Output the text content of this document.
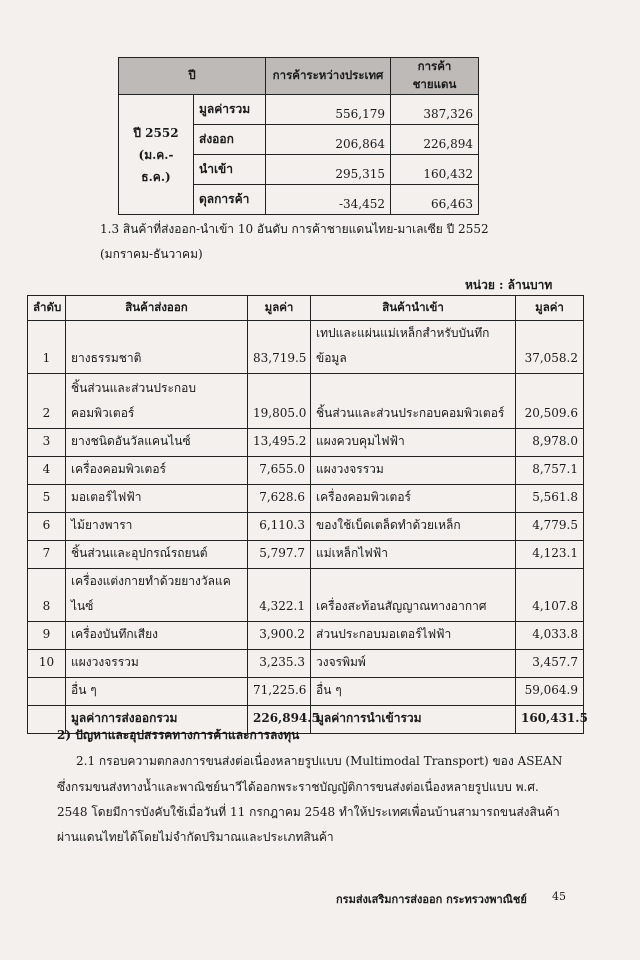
ปี		การค้าระหว่างประเทศ	การค้าชายแดน

ปี 2552
(ม.ค.-ธ.ค.)	มูลค่ารวม	556,179	387,326
	ส่งออก	206,864	226,894
	นำเข้า	295,315	160,432
	ดุลการค้า	-34,452	66,463
1.3 สินค้าที่ส่งออก-นำเข้า 10 อันดับ การค้าชายแดนไทย-มาเลเซีย ปี 2552
(มกราคม-ธันวาคม)
หน่วย : ล้านบาท
ลำดับ	สินค้าส่งออก	มูลค่า	สินค้านำเข้า	มูลค่า
1	ยางธรรมชาติ	83,719.5	เทปและแผ่นแม่เหล็กสำหรับบันทึกข้อมูล	37,058.2
2	ชิ้นส่วนและส่วนประกอบคอมพิวเตอร์	19,805.0	ชิ้นส่วนและส่วนประกอบคอมพิวเตอร์	20,509.6
3	ยางชนิดอันวัลแคนไนซ์	13,495.2	แผงควบคุมไฟฟ้า	8,978.0
4	เครื่องคอมพิวเตอร์	7,655.0	แผงวงจรรวม	8,757.1
5	มอเตอร์ไฟฟ้า	7,628.6	เครื่องคอมพิวเตอร์	5,561.8
6	ไม้ยางพารา	6,110.3	ของใช้เบ็ดเตล็ดทำด้วยเหล็ก	4,779.5
7	ชิ้นส่วนและอุปกรณ์รถยนต์	5,797.7	แม่เหล็กไฟฟ้า	4,123.1
8	เครื่องแต่งกายทำด้วยยางวัลแคไนซ์	4,322.1	เครื่องสะท้อนสัญญาณทางอากาศ	4,107.8
9	เครื่องบันทึกเสียง	3,900.2	ส่วนประกอบมอเตอร์ไฟฟ้า	4,033.8
10	แผงวงจรรวม	3,235.3	วงจรพิมพ์	3,457.7
	อื่น ๆ	71,225.6	อื่น ๆ	59,064.9
	มูลค่าการส่งออกรวม	226,894.5	มูลค่าการนำเข้ารวม	160,431.5
2) ปัญหาและอุปสรรคทางการค้าและการลงทุน
2.1 กรอบความตกลงการขนส่งต่อเนื่องหลายรูปแบบ (Multimodal Transport) ของ ASEAN
ซึ่งกรมขนส่งทางน้ำและพาณิชย์นาวีได้ออกพระราชบัญญัติการขนส่งต่อเนื่องหลายรูปแบบ พ.ศ.
2548 โดยมีการบังคับใช้เมื่อวันที่ 11 กรกฎาคม 2548 ทำให้ประเทศเพื่อนบ้านสามารถขนส่งสินค้า
ผ่านแดนไทยได้โดยไม่จำกัดปริมาณและประเภทสินค้า
กรมส่งเสริมการส่งออก กระทรวงพาณิชย์ 45
